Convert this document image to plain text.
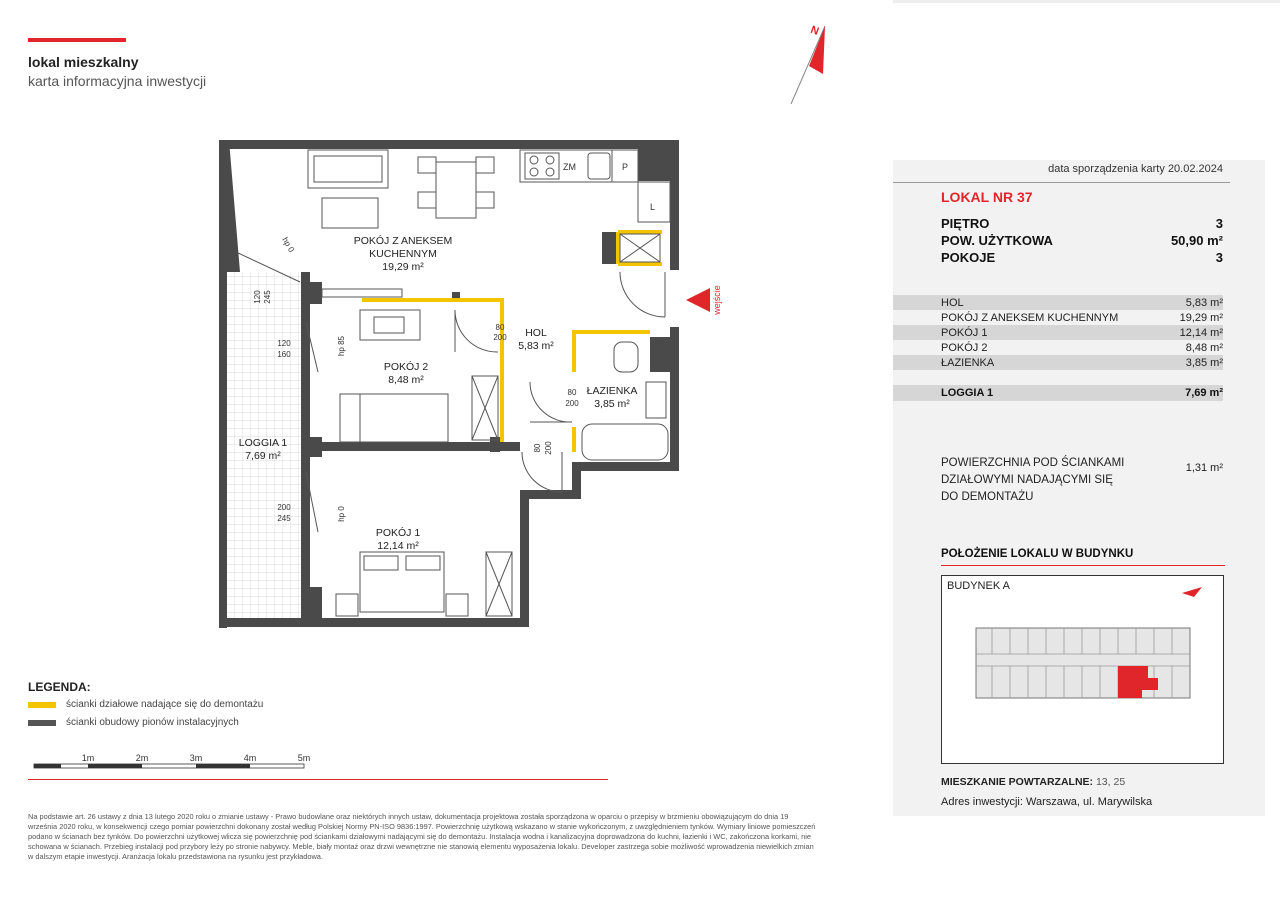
lokal mieszkalny
karta informacyjna inwestycji
N
ZM	P
L
POKÓJ Z ANEKSEM
KUCHENNYM
19,29 m²
POKÓJ 2
8,48 m²
HOL
5,83 m²
ŁAZIENKA
3,85 m²
POKÓJ 1
12,14 m²
LOGGIA 1
7,69 m²
hp 0
120 245
120
160	hp 85
200
245	hp 0
80
200
80
200
80 200
wejście
LEGENDA:
ścianki działowe nadające się do demontażu
ścianki obudowy pionów instalacyjnych
1m	2m	3m	4m	5m
Na podstawie art. 26 ustawy z dnia 13 lutego 2020 roku o zmianie ustawy - Prawo budowlane oraz niektórych innych ustaw, dokumentacja projektowa została sporządzona w oparciu o przepisy w brzmieniu obowiązującym do dnia 19 września 2020 roku, w konsekwencji czego pomiar powierzchni dokonany został według Polskiej Normy PN-ISO 9836:1997. Powierzchnię użytkową wskazano w stanie wykończonym, z uwzględnieniem tynków. Wymiary liniowe pomieszczeń podano w ścianach bez tynków. Do powierzchni użytkowej wlicza się powierzchnię pod ściankami działowymi nadającymi się do demontażu. Instalacja wodna i kanalizacyjna doprowadzona do kuchni, łazienki i WC, zakończona korkami, nie schowana w ścianach. Przebieg instalacji pod przybory leży po stronie nabywcy. Meble, biały montaż oraz drzwi wewnętrzne nie stanowią elementu wyposażenia lokalu. Developer zastrzega sobie możliwość wprowadzenia niewielkich zmian w dalszym etapie inwestycji. Aranżacja lokalu przedstawiona na rysunku jest przykładowa.
data sporządzenia karty 20.02.2024
LOKAL NR 37
PIĘTRO	3
POW. UŻYTKOWA	50,90 m²
POKOJE	3
HOL	5,83 m²
POKÓJ Z ANEKSEM KUCHENNYM	19,29 m²
POKÓJ 1	12,14 m²
POKÓJ 2	8,48 m²
ŁAZIENKA	3,85 m²
LOGGIA 1	7,69 m²
POWIERZCHNIA POD ŚCIANKAMI
DZIAŁOWYMI NADAJĄCYMI SIĘ
DO DEMONTAŻU
1,31 m²
POŁOŻENIE LOKALU W BUDYNKU
BUDYNEK A
MIESZKANIE POWTARZALNE: 13, 25
Adres inwestycji: Warszawa, ul. Marywilska
